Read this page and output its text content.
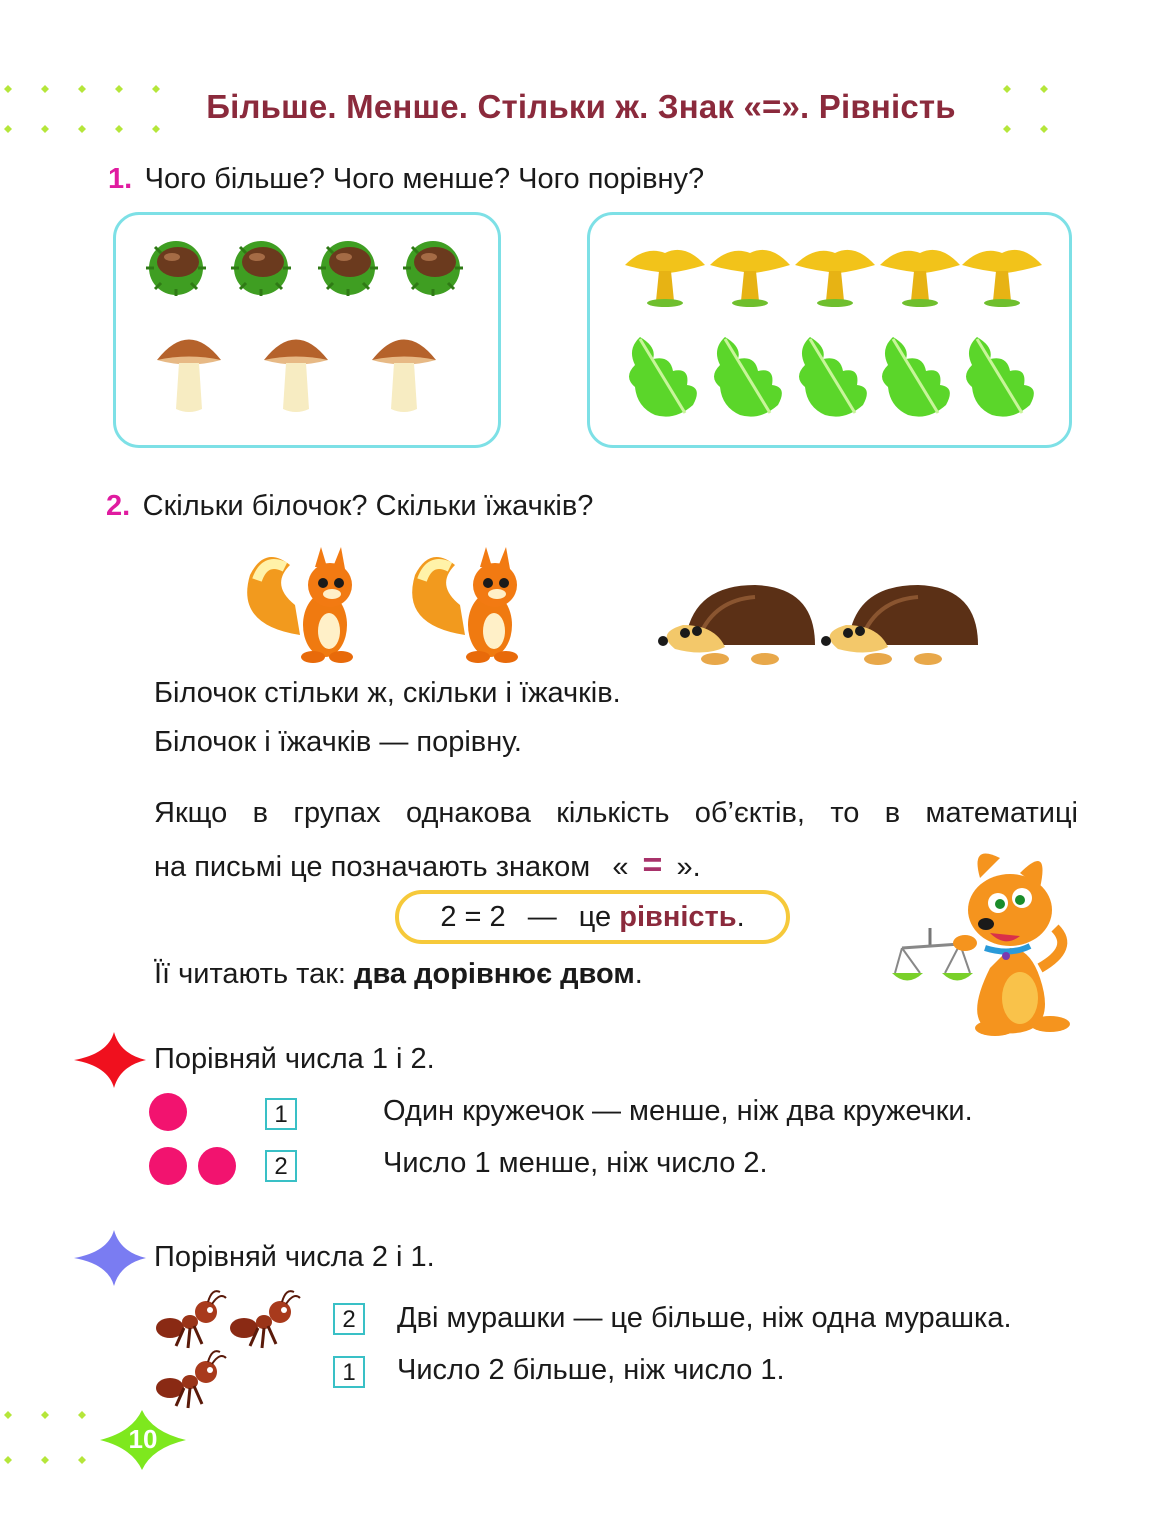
Більше. Менше. Стільки ж. Знак «=». Рівність
1. Чого більше? Чого менше? Чого порівну?
2. Скільки білочок? Скільки їжачків?
Білочок стільки ж, скільки і їжачків.
Білочок і їжачків — порівну.
Якщо в групах однакова кількість об’єктів, то в математиці
на письмі це позначають знаком « = ».
2 = 2 — це рівність.
Її читають так: два дорівнює двом.
Порівняй числа 1 і 2.
1
2
Один кружечок — менше, ніж два кружечки.
Число 1 менше, ніж число 2.
Порівняй числа 2 і 1.
2
1
Дві мурашки — це більше, ніж одна мурашка.
Число 2 більше, ніж число 1.
10
